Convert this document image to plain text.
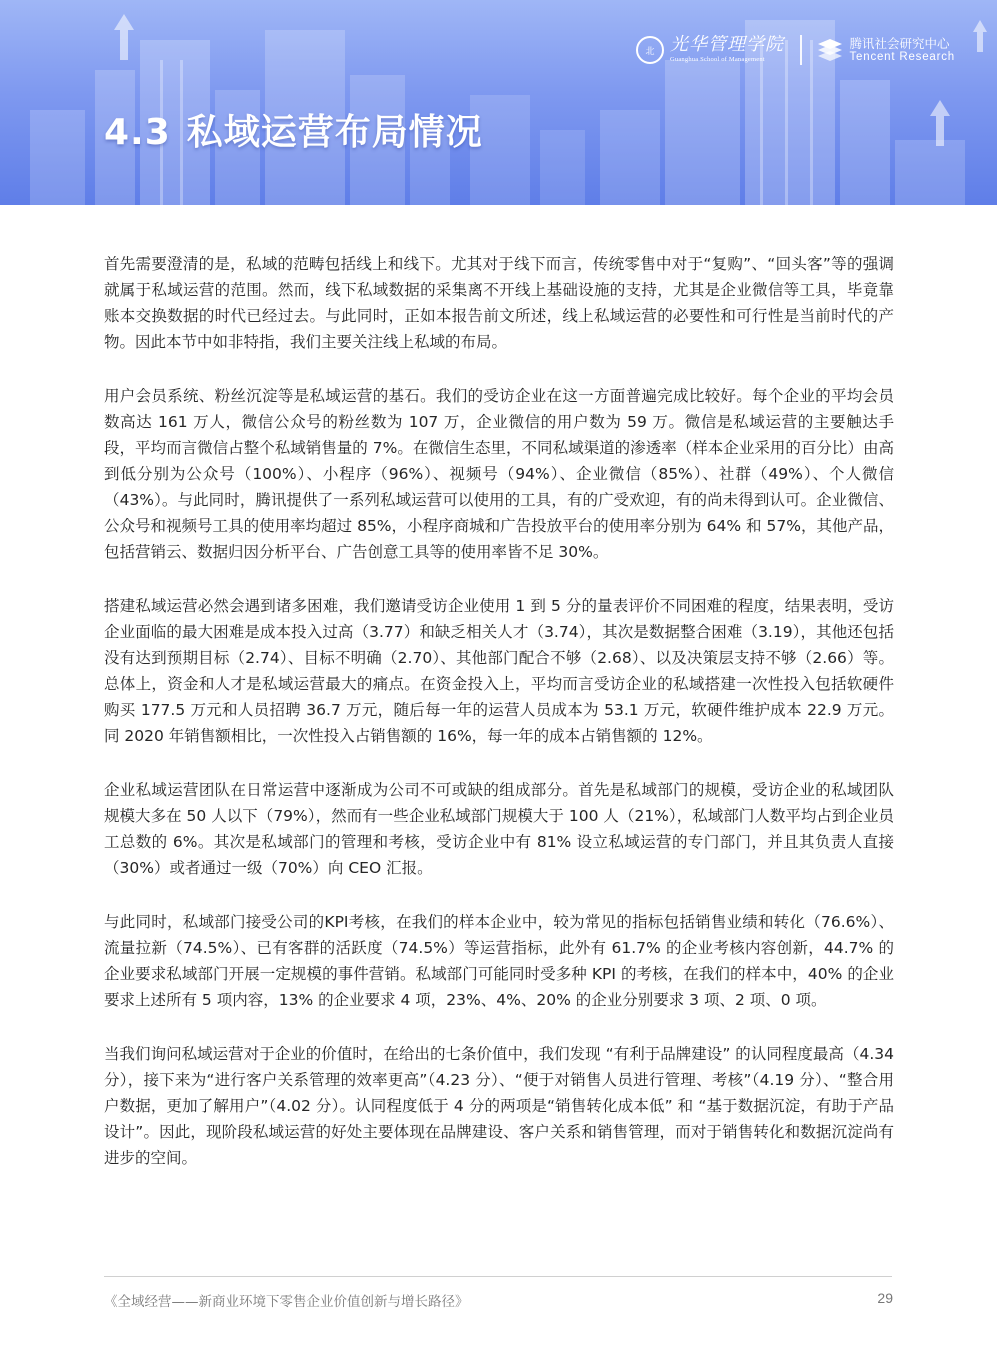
北 光华管理学院
Guanghua School of Management
腾讯社会研究中心
Tencent Research
4.3 私域运营布局情况

首先需要澄清的是，私域的范畴包括线上和线下。尤其对于线下而言，传统零售中对于“复购”、“回头客”等的强调就属于私域运营的范围。然而，线下私域数据的采集离不开线上基础设施的支持，尤其是企业微信等工具，毕竟靠账本交换数据的时代已经过去。与此同时，正如本报告前文所述，线上私域运营的必要性和可行性是当前时代的产物。因此本节中如非特指，我们主要关注线上私域的布局。

用户会员系统、粉丝沉淀等是私域运营的基石。我们的受访企业在这一方面普遍完成比较好。每个企业的平均会员数高达 161 万人，微信公众号的粉丝数为 107 万，企业微信的用户数为 59 万。微信是私域运营的主要触达手段，平均而言微信占整个私域销售量的 7%。在微信生态里，不同私域渠道的渗透率（样本企业采用的百分比）由高到低分别为公众号（100%）、小程序（96%）、视频号（94%）、企业微信（85%）、社群（49%）、个人微信（43%）。与此同时，腾讯提供了一系列私域运营可以使用的工具，有的广受欢迎，有的尚未得到认可。企业微信、公众号和视频号工具的使用率均超过 85%，小程序商城和广告投放平台的使用率分别为 64% 和 57%，其他产品，包括营销云、数据归因分析平台、广告创意工具等的使用率皆不足 30%。

搭建私域运营必然会遇到诸多困难，我们邀请受访企业使用 1 到 5 分的量表评价不同困难的程度，结果表明，受访企业面临的最大困难是成本投入过高（3.77）和缺乏相关人才（3.74），其次是数据整合困难（3.19），其他还包括没有达到预期目标（2.74）、目标不明确（2.70）、其他部门配合不够（2.68）、以及决策层支持不够（2.66）等。总体上，资金和人才是私域运营最大的痛点。在资金投入上，平均而言受访企业的私域搭建一次性投入包括软硬件购买 177.5 万元和人员招聘 36.7 万元，随后每一年的运营人员成本为 53.1 万元，软硬件维护成本 22.9 万元。同 2020 年销售额相比，一次性投入占销售额的 16%，每一年的成本占销售额的 12%。

企业私域运营团队在日常运营中逐渐成为公司不可或缺的组成部分。首先是私域部门的规模，受访企业的私域团队规模大多在 50 人以下（79%），然而有一些企业私域部门规模大于 100 人（21%），私域部门人数平均占到企业员工总数的 6%。其次是私域部门的管理和考核，受访企业中有 81% 设立私域运营的专门部门，并且其负责人直接（30%）或者通过一级（70%）向 CEO 汇报。

与此同时，私域部门接受公司的KPI考核，在我们的样本企业中，较为常见的指标包括销售业绩和转化（76.6%）、流量拉新（74.5%）、已有客群的活跃度（74.5%）等运营指标，此外有 61.7% 的企业考核内容创新，44.7% 的企业要求私域部门开展一定规模的事件营销。私域部门可能同时受多种 KPI 的考核，在我们的样本中，40% 的企业要求上述所有 5 项内容，13% 的企业要求 4 项，23%、4%、20% 的企业分别要求 3 项、2 项、0 项。

当我们询问私域运营对于企业的价值时，在给出的七条价值中，我们发现 “有利于品牌建设” 的认同程度最高（4.34 分），接下来为“进行客户关系管理的效率更高”（4.23 分）、“便于对销售人员进行管理、考核”（4.19 分）、“整合用户数据，更加了解用户”（4.02 分）。认同程度低于 4 分的两项是“销售转化成本低” 和 “基于数据沉淀，有助于产品设计”。因此，现阶段私域运营的好处主要体现在品牌建设、客户关系和销售管理，而对于销售转化和数据沉淀尚有进步的空间。

《全域经营——新商业环境下零售企业价值创新与增长路径》	29
